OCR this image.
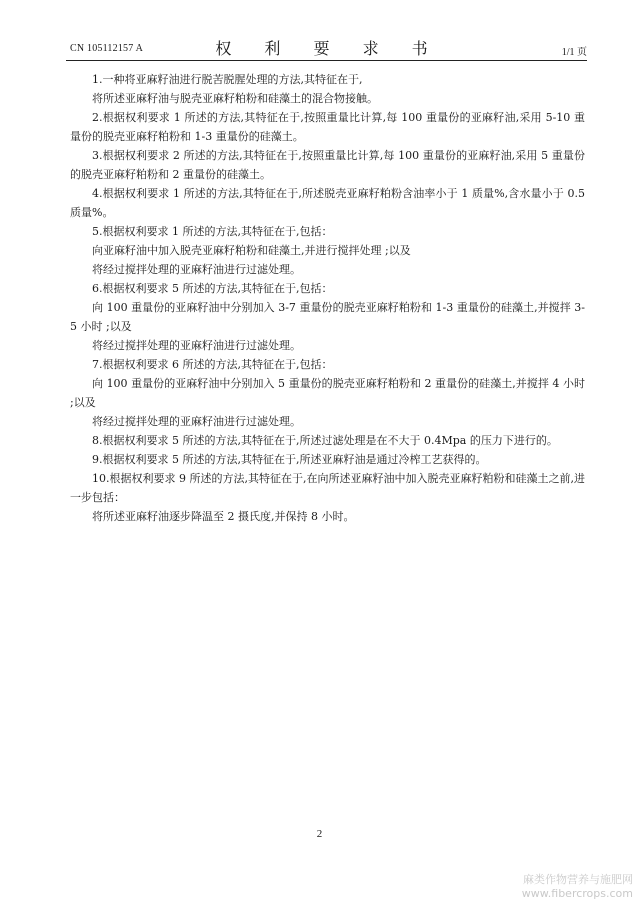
CN 105112157 A	权 利 要 求 书	1/1 页

1.一种将亚麻籽油进行脱苦脱腥处理的方法,其特征在于,

将所述亚麻籽油与脱壳亚麻籽粕粉和硅藻土的混合物接触。

2.根据权利要求 1 所述的方法,其特征在于,按照重量比计算,每 100 重量份的亚麻籽油,采用 5-10 重量份的脱壳亚麻籽粕粉和 1-3 重量份的硅藻土。

3.根据权利要求 2 所述的方法,其特征在于,按照重量比计算,每 100 重量份的亚麻籽油,采用 5 重量份的脱壳亚麻籽粕粉和 2 重量份的硅藻土。

4.根据权利要求 1 所述的方法,其特征在于,所述脱壳亚麻籽粕粉含油率小于 1 质量%,含水量小于 0.5 质量%。

5.根据权利要求 1 所述的方法,其特征在于,包括：

向亚麻籽油中加入脱壳亚麻籽粕粉和硅藻土,并进行搅拌处理 ;以及

将经过搅拌处理的亚麻籽油进行过滤处理。

6.根据权利要求 5 所述的方法,其特征在于,包括：

向 100 重量份的亚麻籽油中分别加入 3-7 重量份的脱壳亚麻籽粕粉和 1-3 重量份的硅藻土,并搅拌 3-5 小时 ;以及

将经过搅拌处理的亚麻籽油进行过滤处理。

7.根据权利要求 6 所述的方法,其特征在于,包括：

向 100 重量份的亚麻籽油中分别加入 5 重量份的脱壳亚麻籽粕粉和 2 重量份的硅藻土,并搅拌 4 小时 ;以及

将经过搅拌处理的亚麻籽油进行过滤处理。

8.根据权利要求 5 所述的方法,其特征在于,所述过滤处理是在不大于 0.4Mpa 的压力下进行的。

9.根据权利要求 5 所述的方法,其特征在于,所述亚麻籽油是通过冷榨工艺获得的。

10.根据权利要求 9 所述的方法,其特征在于,在向所述亚麻籽油中加入脱壳亚麻籽粕粉和硅藻土之前,进一步包括：

将所述亚麻籽油逐步降温至 2 摄氏度,并保持 8 小时。

2
麻类作物营养与施肥网
www.fibercrops.com
